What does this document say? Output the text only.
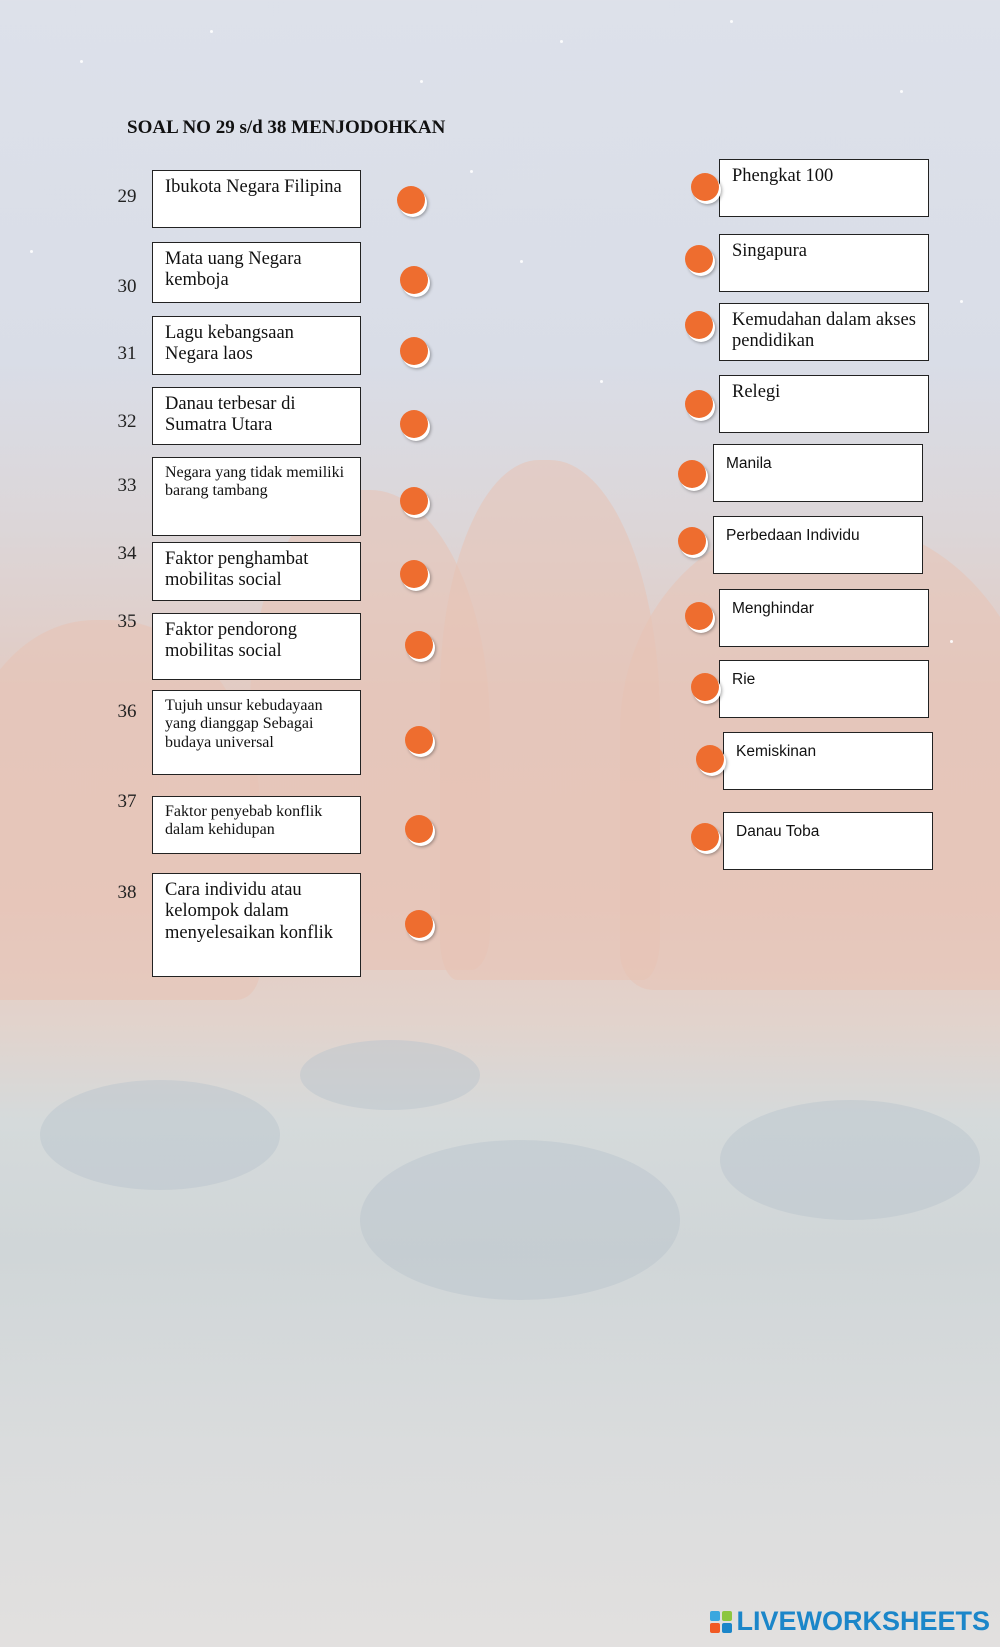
SOAL NO 29 s/d 38 MENJODOHKAN
29
30
31
32
33
34
35
36
37
38
Ibukota Negara Filipina
Mata uang Negara kemboja
Lagu kebangsaan Negara laos
Danau terbesar di Sumatra Utara
Negara yang tidak memiliki barang tambang
Faktor penghambat mobilitas social
Faktor pendorong mobilitas social
Tujuh unsur kebudayaan yang dianggap Sebagai budaya universal
Faktor penyebab konflik dalam kehidupan
Cara individu atau kelompok dalam menyelesaikan konflik
Phengkat 100
Singapura
Kemudahan dalam akses pendidikan
Relegi
Manila
Perbedaan Individu
Menghindar
Rie
Kemiskinan
Danau Toba
LIVEWORKSHEETS
